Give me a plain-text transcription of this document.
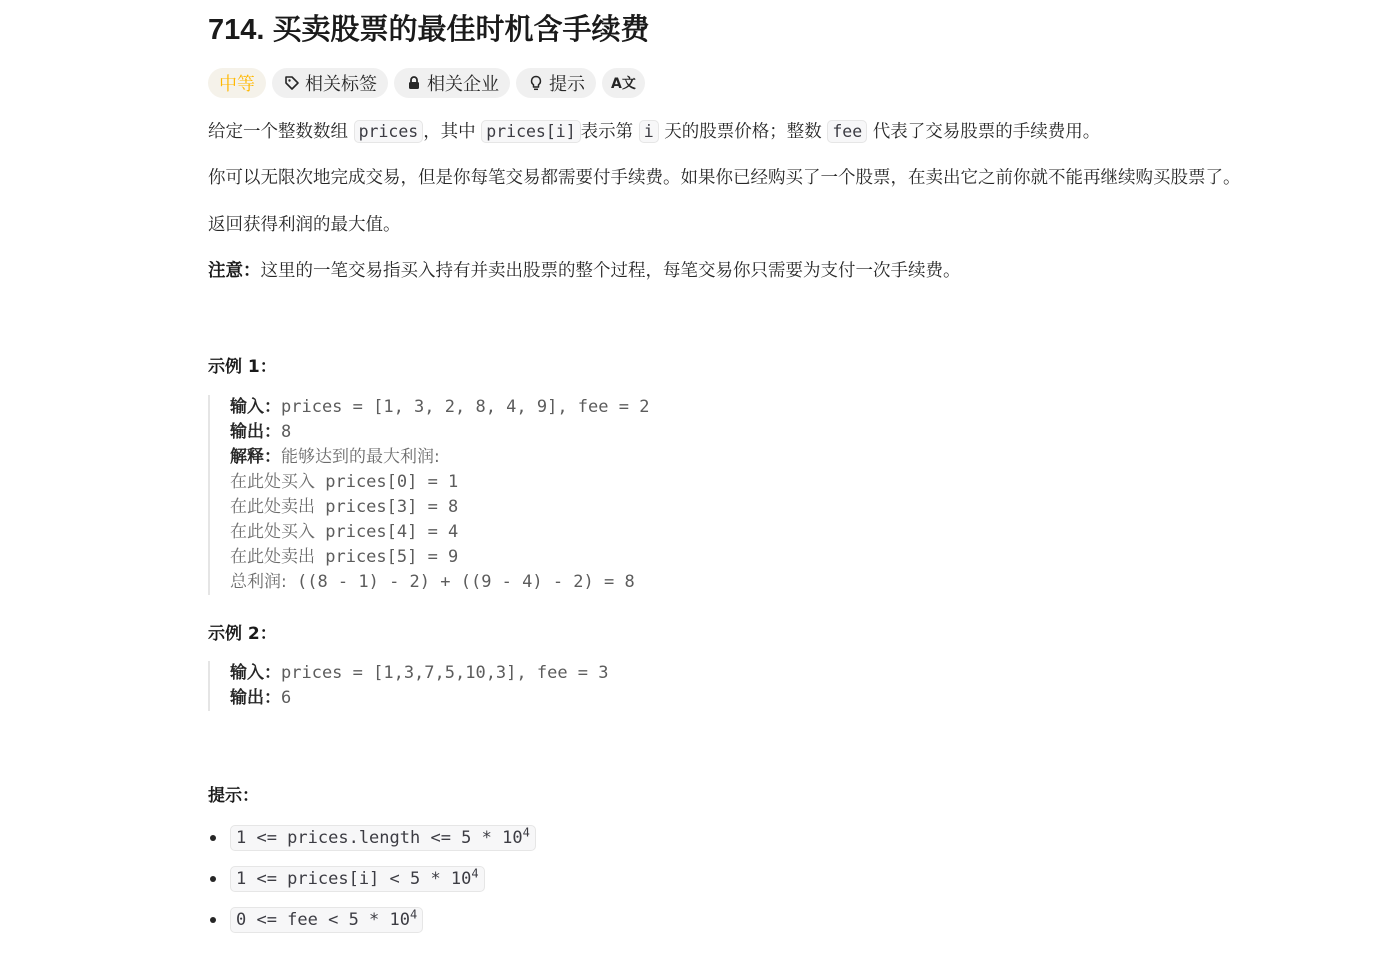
714. 买卖股票的最佳时机含手续费
中等	相关标签	相关企业	提示 A文
给定一个整数数组 prices ，其中 prices[i] 表示第 i 天的股票价格；整数 fee 代表了交易股票的手续费用。
你可以无限次地完成交易，但是你每笔交易都需要付手续费。如果你已经购买了一个股票，在卖出它之前你就不能再继续购买股票了。
返回获得利润的最大值。
注意：这里的一笔交易指买入持有并卖出股票的整个过程，每笔交易你只需要为支付一次手续费。
示例 1：
输入：prices = [1, 3, 2, 8, 4, 9], fee = 2
输出：8
解释：能够达到的最大利润:
在此处买入 prices[0] = 1
在此处卖出 prices[3] = 8
在此处买入 prices[4] = 4
在此处卖出 prices[5] = 9
总利润: ((8 - 1) - 2) + ((9 - 4) - 2) = 8
示例 2：
输入：prices = [1,3,7,5,10,3], fee = 3
输出：6
提示：
1 <= prices.length <= $5 * 10^4$
1 <= prices[i] < $5 * 10^4$
0 <= fee < $5 * 10^4$
